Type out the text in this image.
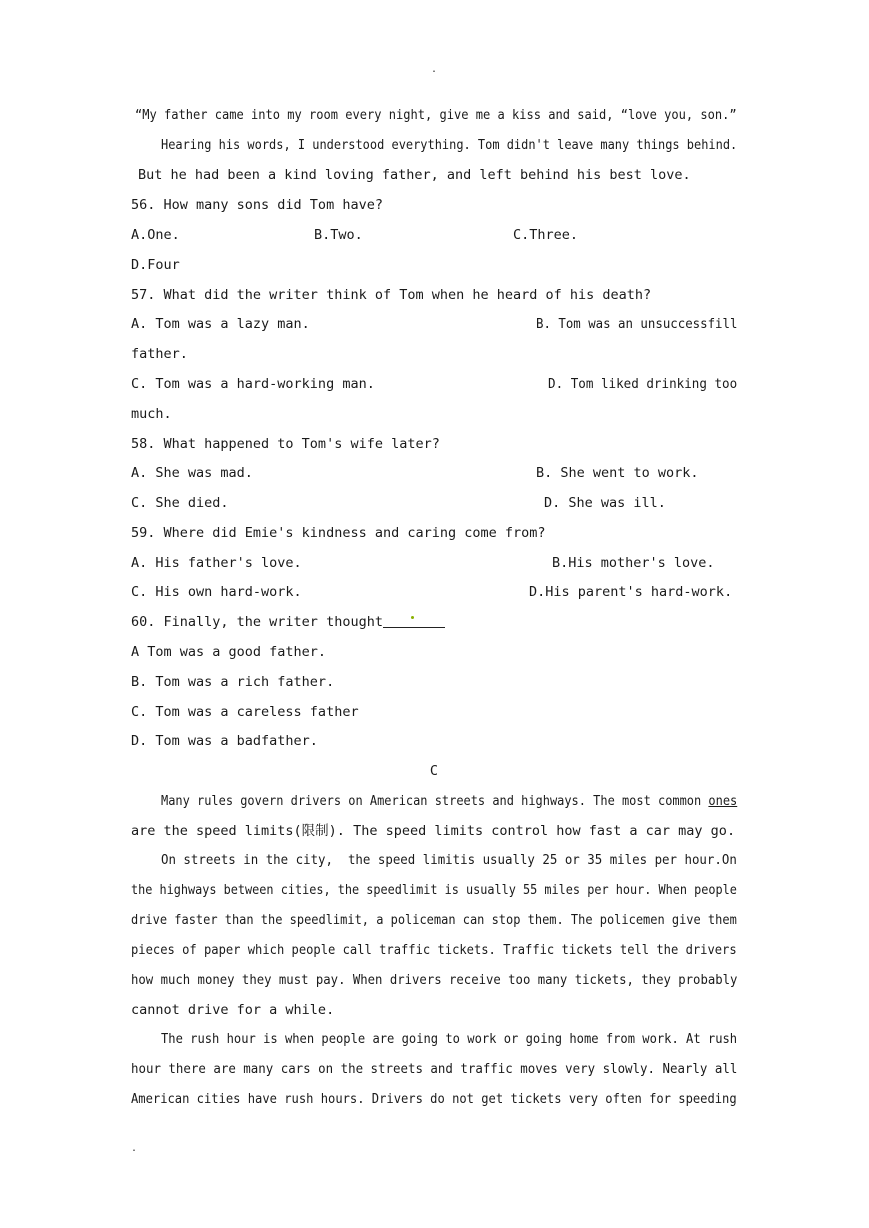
.
“My father came into my room every night, give me a kiss and said, “love you, son.”
Hearing his words, I understood everything. Tom didn't leave many things behind.
But he had been a kind loving father, and left behind his best love.
56. How many sons did Tom have?
A.One.	B.Two.	C.Three.
D.Four
57. What did the writer think of Tom when he heard of his death?
A. Tom was a lazy man.	B. Tom was an unsuccessfill
father.
C. Tom was a hard-working man.	D. Tom liked drinking too
much.
58. What happened to Tom's wife later?
A. She was mad.	B. She went to work.
C. She died.	D. She was ill.
59. Where did Emie's kindness and caring come from?
A. His father's love.	B.His mother's love.
C. His own hard-work.	D.His parent's hard-work.
60. Finally, the writer thought
A Tom was a good father.
B. Tom was a rich father.
C. Tom was a careless father
D. Tom was a badfather.
C
Many rules govern drivers on American streets and highways. The most common ones
are the speed limits(限制). The speed limits control how fast a car may go.
On streets in the city,  the speed limitis usually 25 or 35 miles per hour.On
the highways between cities, the speedlimit is usually 55 miles per hour. When people
drive faster than the speedlimit, a policeman can stop them. The policemen give them
pieces of paper which people call traffic tickets. Traffic tickets tell the drivers
how much money they must pay. When drivers receive too many tickets, they probably
cannot drive for a while.
The rush hour is when people are going to work or going home from work. At rush
hour there are many cars on the streets and traffic moves very slowly. Nearly all
American cities have rush hours. Drivers do not get tickets very often for speeding
.
